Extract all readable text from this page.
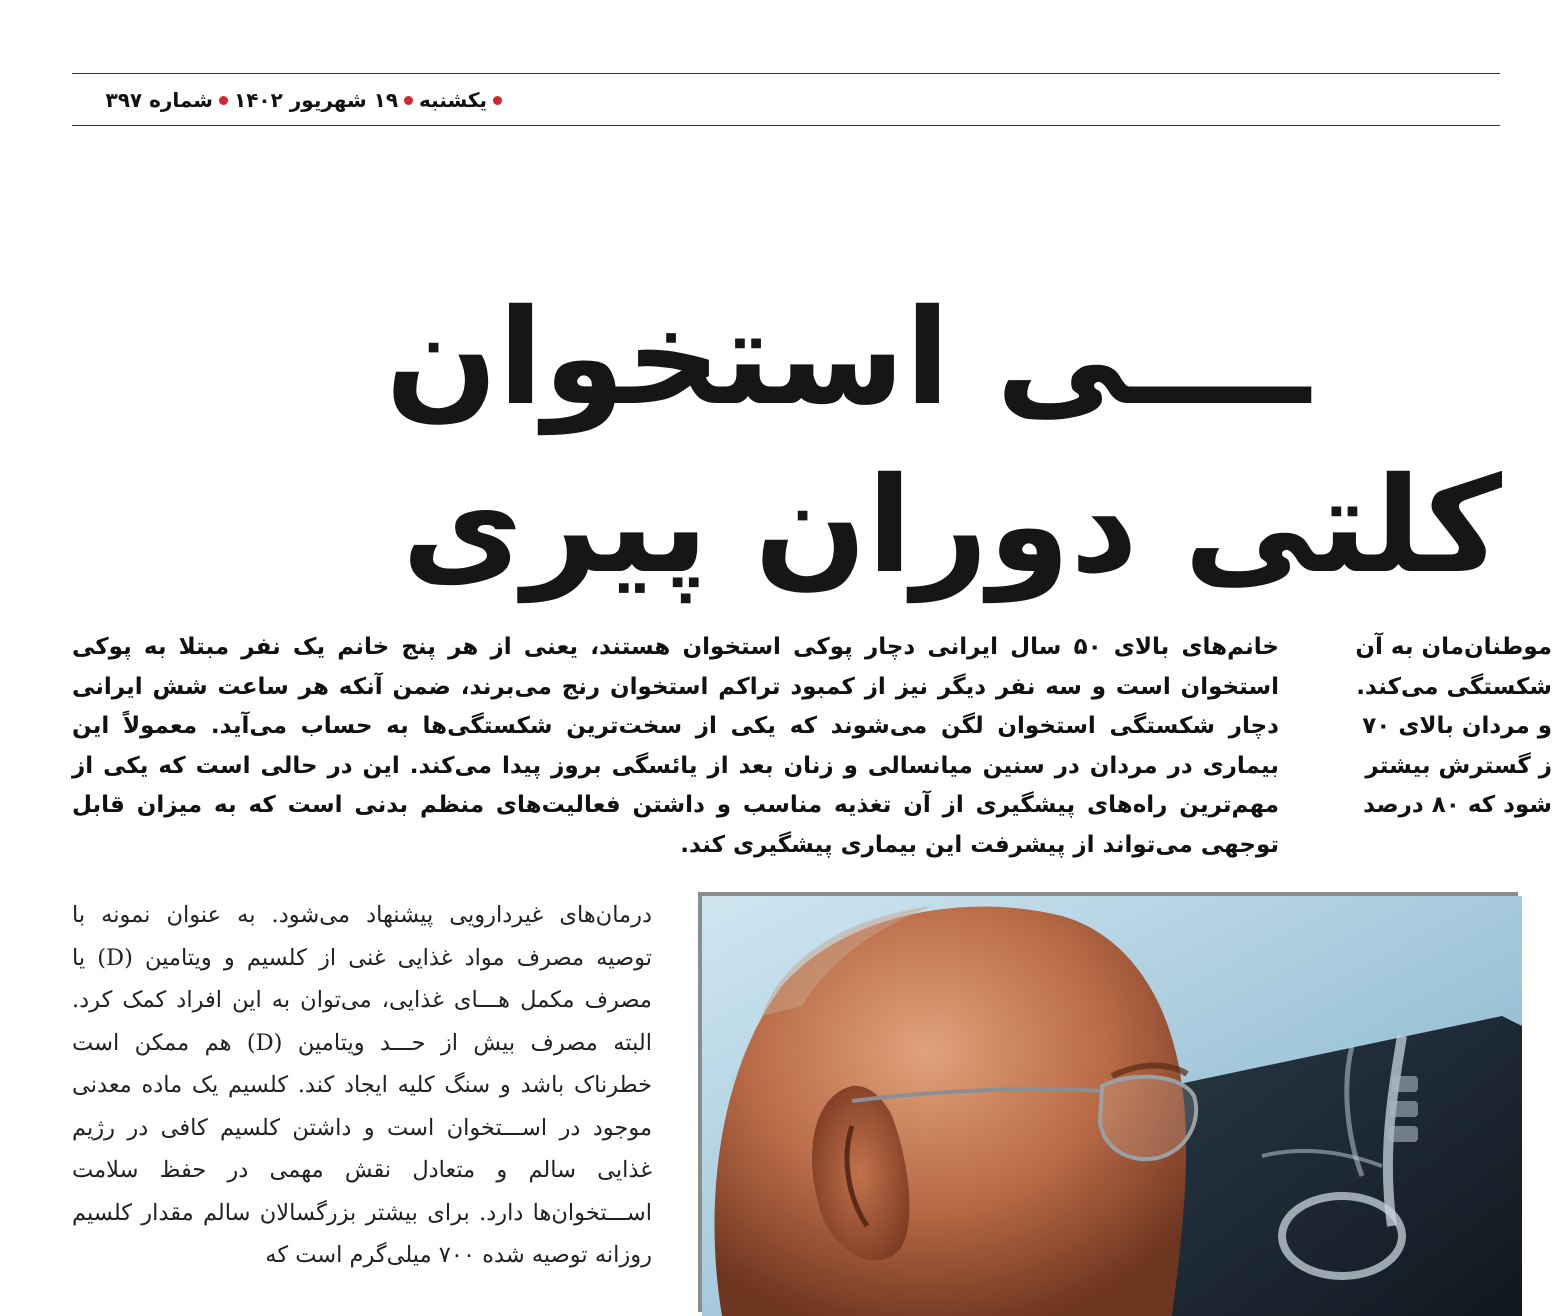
یکشنبه
۱۹ شهریور ۱۴۰۲
شماره ۳۹۷
ــــی استخوان
کلتی دوران پیری
خانم‌های بالای ۵۰ سال ایرانی دچار پوکی استخوان هستند، یعنی از هر پنج خانم یک نفر مبتلا به پوکی استخوان است و سه نفر دیگر نیز از کمبود تراکم استخوان رنج می‌برند، ضمن آنکه هر ساعت شش ایرانی دچار شکستگی استخوان لگن می‌شوند که یکی از سخت‌ترین شکستگی‌ها به حساب می‌آید. معمولاً این بیماری در مردان در سنین میانسالی و زنان بعد از یائسگی بروز پیدا می‌کند. این در حالی است که یکی از مهم‌ترین راه‌های پیشگیری از آن تغذیه مناسب و داشتن فعالیت‌های منظم بدنی است که به میزان قابل توجهی می‌تواند از پیشرفت این بیماری پیشگیری کند.
موطنان‌مان به آن
شکستگی می‌کند.
و مردان بالای ۷۰
ز گسترش بیشتر
شود که ۸۰ درصد
درمان‌های غیردارویی پیشنهاد می‌شود. به عنوان نمونه با توصیه مصرف مواد غذایی غنی از کلسیم و ویتامین (D) یا مصرف مکمل هـــای غذایی، می‌توان به این افراد کمک کرد. البته مصرف بیش از حـــد ویتامین (D) هم ممکن است خطرناک باشد و سنگ کلیه ایجاد کند. کلسیم یک ماده معدنی موجود در اســـتخوان است و داشتن کلسیم کافی در رژیم غذایی سالم و متعادل نقش مهمی در حفظ سلامت اســـتخوان‌ها دارد. برای بیشتر بزرگسالان سالم مقدار کلسیم روزانه توصیه شده ۷۰۰ میلی‌گرم است که
